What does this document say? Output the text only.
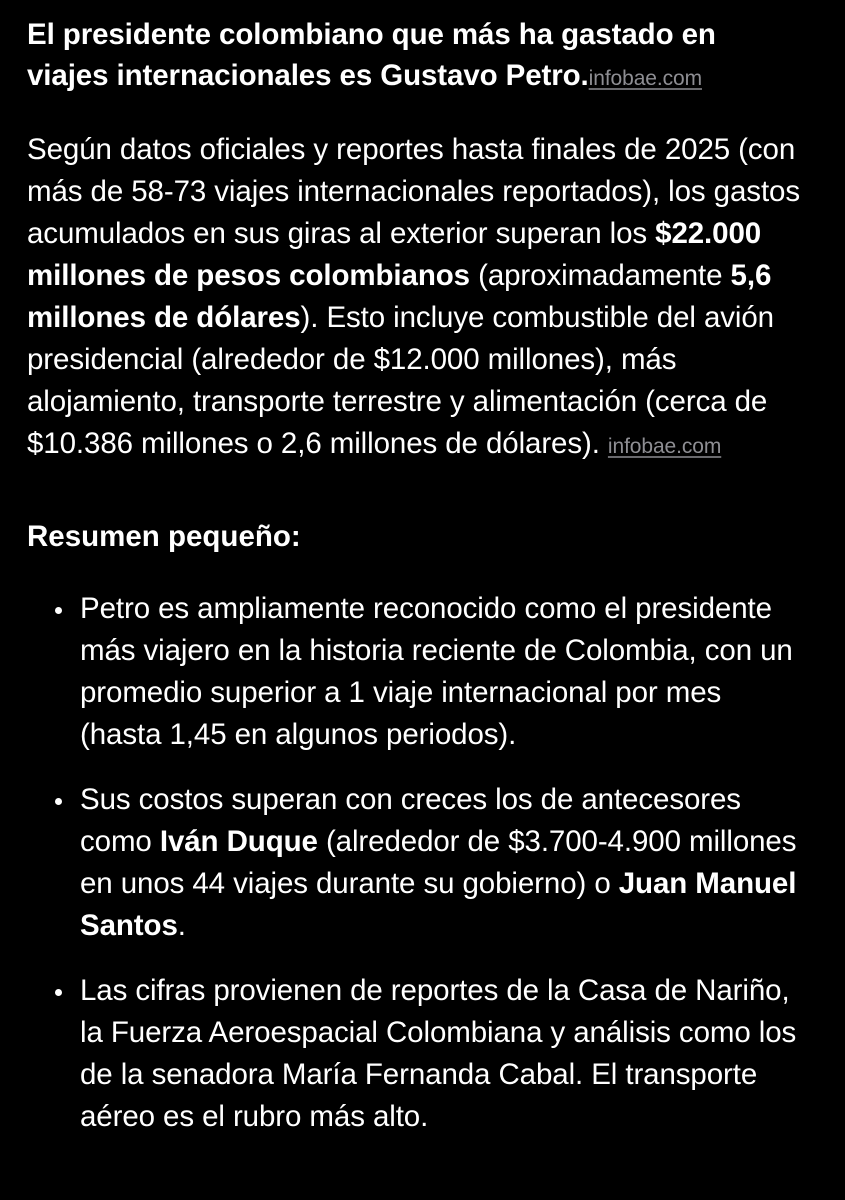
El presidente colombiano que más ha gastado en viajes internacionales es Gustavo Petro.infobae.com

Según datos oficiales y reportes hasta finales de 2025 (con más de 58-73 viajes internacionales reportados), los gastos acumulados en sus giras al exterior superan los $22.000 millones de pesos colombianos (aproximadamente 5,6 millones de dólares). Esto incluye combustible del avión presidencial (alrededor de $12.000 millones), más alojamiento, transporte terrestre y alimentación (cerca de $10.386 millones o 2,6 millones de dólares). infobae.com

Resumen pequeño:

Petro es ampliamente reconocido como el presidente más viajero en la historia reciente de Colombia, con un promedio superior a 1 viaje internacional por mes (hasta 1,45 en algunos periodos).
Sus costos superan con creces los de antecesores como Iván Duque (alrededor de $3.700-4.900 millones en unos 44 viajes durante su gobierno) o Juan Manuel Santos.
Las cifras provienen de reportes de la Casa de Nariño, la Fuerza Aeroespacial Colombiana y análisis como los de la senadora María Fernanda Cabal. El transporte aéreo es el rubro más alto.
